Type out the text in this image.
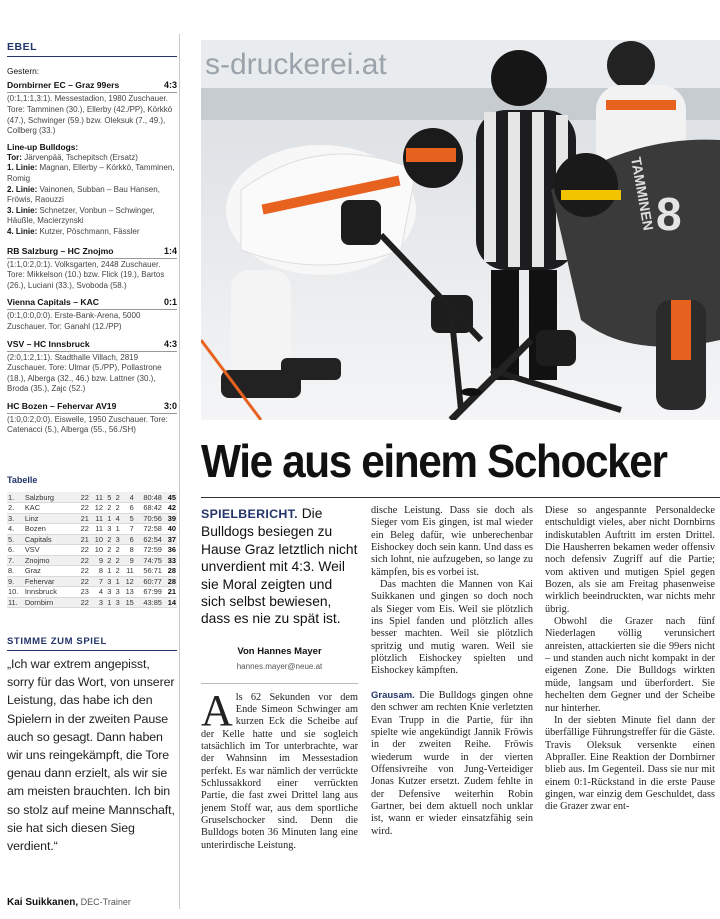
EBEL
Gestern:
Dornbirner EC – Graz 99ers	4:3
(0:1,1:1,3:1). Messestadion, 1980 Zuschauer. Tore: Tamminen (30.), Ellerby (42./PP), Körkkö (47.), Schwinger (59.) bzw. Oleksuk (7., 49.), Collberg (33.)
Line-up Bulldogs:
Tor: Järvenpää, Tschepitsch (Ersatz)
1. Linie: Magnan, Ellerby – Körkkö, Tamminen, Romig
2. Linie: Vainonen, Subban – Bau Hansen, Fröwis, Raouzzi
3. Linie: Schnetzer, Vonbun – Schwinger, Häußle, Macierzynski
4. Linie: Kutzer, Pöschmann, Fässler
RB Salzburg – HC Znojmo	1:4
(1:1,0:2,0:1). Volksgarten, 2448 Zuschauer. Tore: Mikkelson (10.) bzw. Flick (19.), Bartos (26.), Luciani (33.), Svoboda (58.)
Vienna Capitals – KAC	0:1
(0:1,0:0,0:0). Erste-Bank-Arena, 5000 Zuschauer. Tor: Ganahl (12./PP)
VSV – HC Innsbruck	4:3
(2:0,1:2,1:1). Stadthalle Villach, 2819 Zuschauer. Tore: Ulmar (5./PP), Pollastrone (18.), Alberga (32., 46.) bzw. Lattner (30.), Broda (35.), Zajc (52.)
HC Bozen – Fehervar AV19	3:0
(1:0,0:2,0:0). Eiswelle, 1950 Zuschauer. Tore: Catenacci (5.), Alberga (55., 56./SH)
Tabelle
1.	Salzburg	22	11	5	2	4	80:48	45
2.	KAC	22	12	2	2	6	68:42	42
3.	Linz	21	11	1	4	5	70:56	39
4.	Bozen	22	11	3	1	7	72:58	40
5.	Capitals	21	10	2	3	6	62:54	37
6.	VSV	22	10	2	2	8	72:59	36
7.	Znojmo	22	9	2	2	9	74:75	33
8.	Graz	22	8	1	2	11	56:71	28
9.	Fehervar	22	7	3	1	12	60:77	28
10.	Innsbruck	23	4	3	3	13	67:99	21
11.	Dornbirn	22	3	1	3	15	43:85	14
STIMME ZUM SPIEL
„Ich war extrem angepisst, sorry für das Wort, von unserer Leistung, das habe ich den Spielern in der zweiten Pause auch so gesagt. Dann haben wir uns reingekämpft, die Tore genau dann erzielt, als wir sie am meisten brauchten. Ich bin so stolz auf meine Mannschaft, sie hat sich diesen Sieg verdient.“
Kai Suikkanen, DEC-Trainer
s-druckerei.at
8
TAMMINEN
Wie aus einem Schocker
SPIELBERICHT. Die Bulldogs besiegen zu Hause Graz letztlich nicht unverdient mit 4:3. Weil sie Moral zeigten und sich selbst bewiesen, dass es nie zu spät ist.
Von Hannes Mayer
hannes.mayer@neue.at

Als 62 Sekunden vor dem Ende Simeon Schwinger am kurzen Eck die Scheibe auf der Kelle hatte und sie sogleich tatsächlich im Tor unterbrachte, war der Wahnsinn im Messestadion perfekt. Es war nämlich der verrückte Schlussakkord einer verrückten Partie, die fast zwei Drittel lang aus jenem Stoff war, aus dem sportliche Gruselschocker sind. Denn die Bulldogs boten 36 Minuten lang eine unterirdische Leistung.

dische Leistung. Dass sie doch als Sieger vom Eis gingen, ist mal wieder ein Beleg dafür, wie unberechenbar Eishockey doch sein kann. Und dass es sich lohnt, nie aufzugeben, so lange zu kämpfen, bis es vorbei ist.

Das machten die Mannen von Kai Suikkanen und gingen so doch noch als Sieger vom Eis. Weil sie plötzlich ins Spiel fanden und plötzlich alles besser machten. Weil sie plötzlich spritzig und mutig waren. Weil sie plötzlich Eishockey spielten und Eishockey kämpften.

Grausam. Die Bulldogs gingen ohne den schwer am rechten Knie verletzten Evan Trupp in die Partie, für ihn spielte wie angekündigt Jannik Fröwis in der zweiten Reihe. Fröwis wiederum wurde in der vierten Offensivreihe von Jung-Verteidiger Jonas Kutzer ersetzt. Zudem fehlte in der Defensive weiterhin Robin Gartner, bei dem aktuell noch unklar ist, wann er wieder einsatzfähig sein wird.

Diese so angespannte Personaldecke entschuldigt vieles, aber nicht Dornbirns indiskutablen Auftritt im ersten Drittel. Die Hausherren bekamen weder offensiv noch defensiv Zugriff auf die Partie; vom aktiven und mutigen Spiel gegen Bozen, als sie am Freitag phasenweise wirklich beeindruckten, war nichts mehr übrig.

Obwohl die Grazer nach fünf Niederlagen völlig verunsichert anreisten, attackierten sie die 99ers nicht – und standen auch nicht kompakt in der eigenen Zone. Die Bulldogs wirkten müde, langsam und überfordert. Sie hechelten dem Gegner und der Scheibe nur hinterher.

In der siebten Minute fiel dann der überfällige Führungstreffer für die Gäste. Travis Oleksuk versenkte einen Abpraller. Eine Reaktion der Dornbirner blieb aus. Im Gegenteil. Dass sie nur mit einem 0:1-Rückstand in die erste Pause gingen, war einzig dem Geschuldet, dass die Grazer zwar ent-
